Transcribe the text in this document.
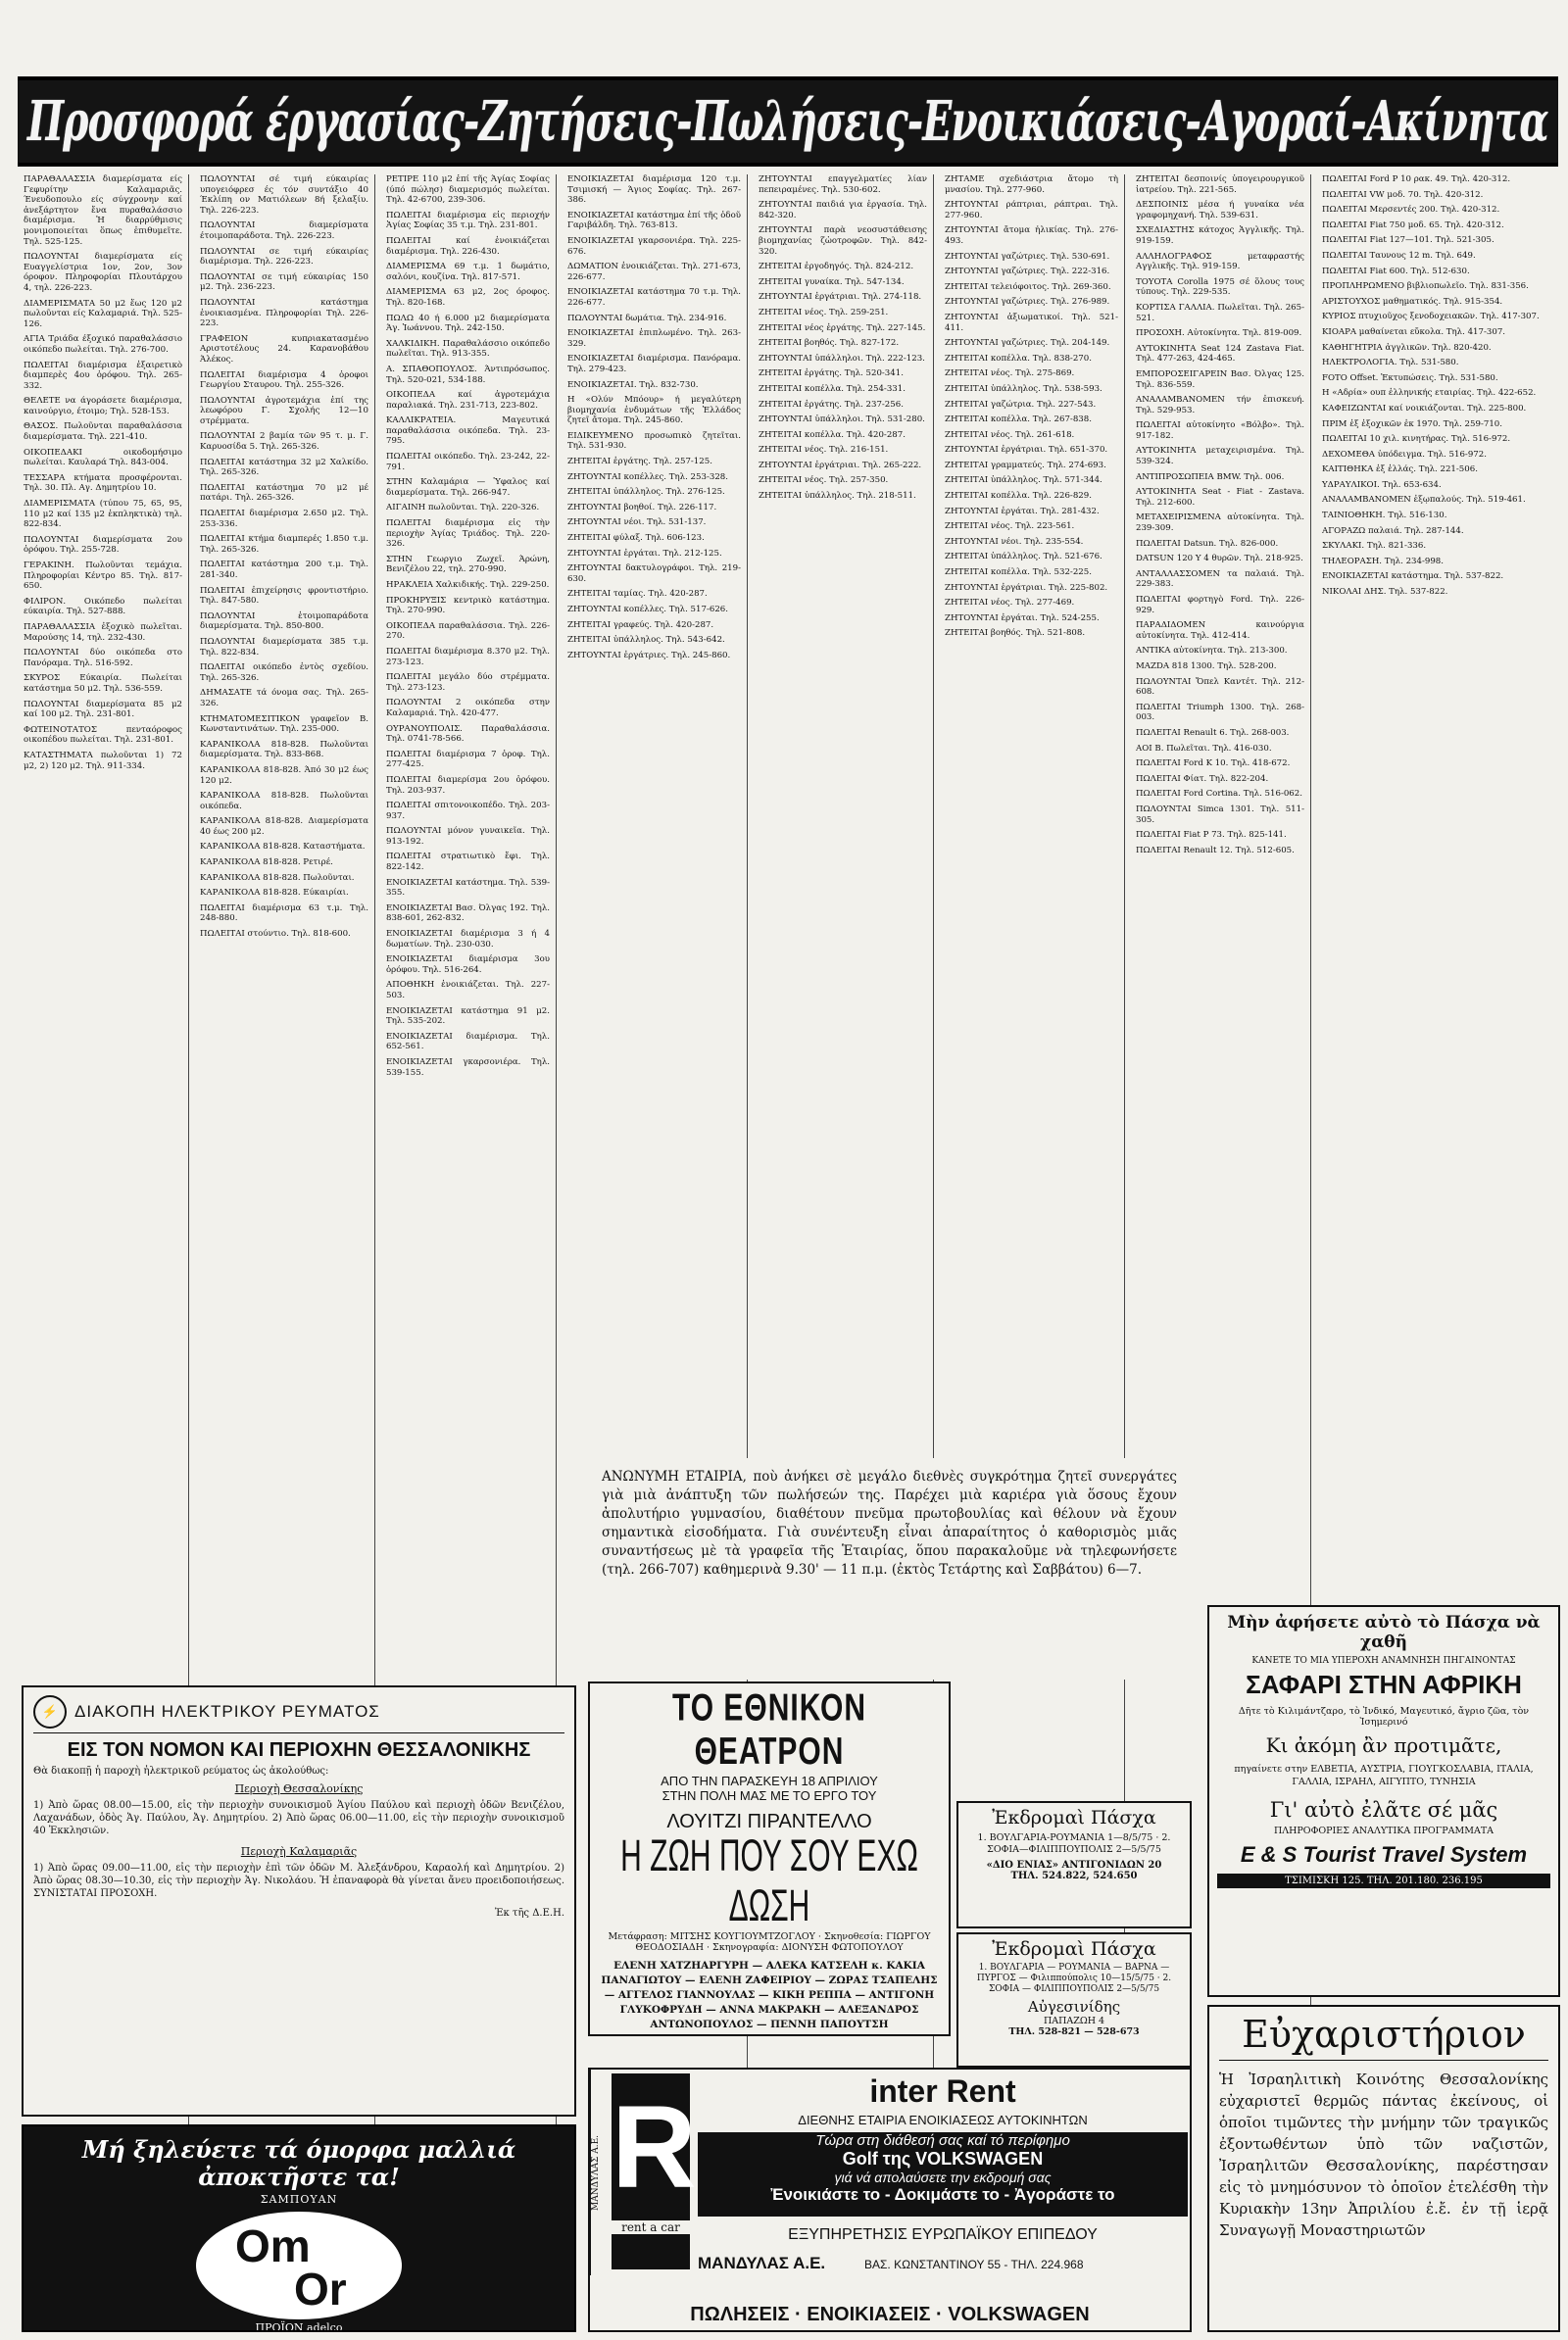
Προσφορά έργασίας-Ζητήσεις-Πωλήσεις-Ενοικιάσεις-Αγοραί-Ακίνητα

ΠΑΡΑΘΑΛΑΣΣΙΑ διαμερίσματα είς Γεφυρίτην Καλαμαριᾶς. Ένευδοπουλο είς σύγχρονην καί ἀνεξάρτητον ἔνα πυραθαλάσσιο διαμέρισμα. Ἡ διαρρύθμισις μονιμοποιείται ὅπως ἐπιθυμεῖτε. Τηλ. 525-125.

ΠΩΛΟΥΝΤΑΙ διαμερίσματα είς Ευαγγελίστρια 1ον, 2ον, 3ον όροφον. Πληροφορίαι Πλουτάρχου 4, τηλ. 226-223.

ΔΙΑΜΕΡΙΣΜΑΤΑ 50 μ2 ἕως 120 μ2 πωλοῦνται είς Καλαμαριά. Τηλ. 525-126.

ΑΓΙΑ Τριάδα έξοχικό παραθαλάσσιο οικόπεδο πωλείται. Τηλ. 276-700.

ΠΩΛΕΙΤΑΙ διαμέρισμα ἐξαιρετικὸ διαμπερὲς 4ου ὀρόφου. Τηλ. 265-332.

ΘΕΛΕΤΕ να άγοράσετε διαμέρισμα, καινούργιο, έτοιμο; Τηλ. 528-153.

ΘΑΣΟΣ. Πωλοῦνται παραθαλάσσια διαμερίσματα. Τηλ. 221-410.

ΟΙΚΟΠΕΔΑΚΙ οικοδομήσιμο πωλείται. Καυλαρά Τηλ. 843-004.

ΤΕΣΣΑΡΑ κτήματα προσφέρονται. Τηλ. 30. Πλ. Αγ. Δημητρίου 10.

ΔΙΑΜΕΡΙΣΜΑΤΑ (τύπου 75, 65, 95, 110 μ2 καί 135 μ2 ἐκπληκτικὰ) τηλ. 822-834.

ΠΩΛΟΥΝΤΑΙ διαμερίσματα 2ου ὀρόφου. Τηλ. 255-728.

ΓΕΡΑΚΙΝΗ. Πωλοῦνται τεμάχια. Πληροφορίαι Κέντρο 85. Τηλ. 817-650.

ΦΙΛΙΡΟΝ. Οικόπεδο πωλείται εύκαιρία. Τηλ. 527-888.

ΠΑΡΑΘΑΛΑΣΣΙΑ ἐξοχικὸ πωλεῖται. Μαρούσης 14, τηλ. 232-430.

ΠΩΛΟΥΝΤΑΙ δύο οικόπεδα στο Πανόραμα. Τηλ. 516-592.

ΣΚΥΡΟΣ Εύκαιρία. Πωλείται κατάστημα 50 μ2. Τηλ. 536-559.

ΠΩΛΟΥΝΤΑΙ διαμερίσματα 85 μ2 καί 100 μ2. Τηλ. 231-801.

ΦΩΤΕΙΝΟΤΑΤΟΣ πενταόροφος οικοπέδου πωλείται. Τηλ. 231-801.

ΚΑΤΑΣΤΗΜΑΤΑ πωλοῦνται 1) 72 μ2, 2) 120 μ2. Τηλ. 911-334.

ΠΩΛΟΥΝΤΑΙ σέ τιμή εύκαιρίας υπογειόφρεσ ές τόν συντάξιο 40 Έκλίπη ον Ματιόλεων 8ή ξελαξίυ. Τηλ. 226-223.

ΠΩΛΟΥΝΤΑΙ διαμερίσματα έτοιμοπαράδοτα. Τηλ. 226-223.

ΠΩΛΟΥΝΤΑΙ σε τιμή εύκαιρίας διαμέρισμα. Τηλ. 226-223.

ΠΩΛΟΥΝΤΑΙ σε τιμή εύκαιρίας 150 μ2. Τηλ. 236-223.

ΠΩΛΟΥΝΤΑΙ κατάστημα ἐνοικιασμένα. Πληροφορίαι Τηλ. 226-223.

ΓΡΑΦΕΙΟΝ κυπριακατασμένο Αριστοτέλους 24. Καρανοβάθου Άλέκος.

ΠΩΛΕΙΤΑΙ διαμέρισμα 4 ὀροφοι Γεωργίου Σταυρου. Τηλ. 255-326.

ΠΩΛΟΥΝΤΑΙ ἀγροτεμάχια ἐπί της λεωφόρου Γ. Σχολής 12—10 στρέμματα.

ΠΩΛΟΥΝΤΑΙ 2 βαμία τῶν 95 τ. μ. Γ. Καρυοσίδα 5. Τηλ. 265-326.

ΠΩΛΕΙΤΑΙ κατάστημα 32 μ2 Χαλκίδο. Τηλ. 265-326.

ΠΩΛΕΙΤΑΙ κατάστημα 70 μ2 μέ πατάρι. Τηλ. 265-326.

ΠΩΛΕΙΤΑΙ διαμέρισμα 2.650 μ2. Τηλ. 253-336.

ΠΩΛΕΙΤΑΙ κτήμα διαμπερές 1.850 τ.μ. Τηλ. 265-326.

ΠΩΛΕΙΤΑΙ κατάστημα 200 τ.μ. Τηλ. 281-340.

ΠΩΛΕΙΤΑΙ ἐπιχείρησις φροντιστήριο. Τηλ. 847-580.

ΠΩΛΟΥΝΤΑΙ ἑτοιμοπαράδοτα διαμερίσματα. Τηλ. 850-800.

ΠΩΛΟΥΝΤΑΙ διαμερίσματα 385 τ.μ. Τηλ. 822-834.

ΠΩΛΕΙΤΑΙ οικόπεδο ἐντὸς σχεδίου. Τηλ. 265-326.

ΔΗΜΑΣΑΤΕ τά όνομα σας. Τηλ. 265-326.

ΚΤΗΜΑΤΟΜΕΣΙΤΙΚΟΝ γραφεῖον Β. Κωνσταντινάτων. Τηλ. 235-000.

ΚΑΡΑΝΙΚΟΛΑ 818-828. Πωλοῦνται διαμερίσματα. Τηλ. 833-868.

ΚΑΡΑΝΙΚΟΛΑ 818-828. Άπό 30 μ2 έως 120 μ2.

ΚΑΡΑΝΙΚΟΛΑ 818-828. Πωλοῦνται οικόπεδα.

ΚΑΡΑΝΙΚΟΛΑ 818-828. Διαμερίσματα 40 έως 200 μ2.

ΚΑΡΑΝΙΚΟΛΑ 818-828. Καταστήματα.

ΚΑΡΑΝΙΚΟΛΑ 818-828. Ρετιρέ.

ΚΑΡΑΝΙΚΟΛΑ 818-828. Πωλοῦνται.

ΚΑΡΑΝΙΚΟΛΑ 818-828. Εύκαιρίαι.

ΠΩΛΕΙΤΑΙ διαμέρισμα 63 τ.μ. Τηλ. 248-880.

ΠΩΛΕΙΤΑΙ στούντιο. Τηλ. 818-600.

ΡΕΤΙΡΕ 110 μ2 ἐπί τῆς Άγίας Σοφίας (ύπό πώλησ) διαμερισμός πωλείται. Τηλ. 42-6700, 239-306.

ΠΩΛΕΙΤΑΙ διαμέρισμα εἰς περιοχήν Ἁγίας Σοφίας 35 τ.μ. Τηλ. 231-801.

ΠΩΛΕΙΤΑΙ καί ἐνοικιάζεται διαμέρισμα. Τηλ. 226-430.

ΔΙΑΜΕΡΙΣΜΑ 69 τ.μ. 1 δωμάτιο, σαλόνι, κουζίνα. Τηλ. 817-571.

ΔΙΑΜΕΡΙΣΜΑ 63 μ2, 2ος όροφος. Τηλ. 820-168.

ΠΩΛΩ 40 ή 6.000 μ2 διαμερίσματα Άγ. Ἰωάννου. Τηλ. 242-150.

ΧΑΛΚΙΔΙΚΗ. Παραθαλάσσιο οικόπεδο πωλεῖται. Τηλ. 913-355.

Α. ΣΠΑΘΟΠΟΥΛΟΣ. Άντιπρόσωπος. Τηλ. 520-021, 534-188.

ΟΙΚΟΠΕΔΑ καί ἀγροτεμάχια παραλιακά. Τηλ. 231-713, 223-802.

ΚΑΛΛΙΚΡΑΤΕΙΑ. Μαγευτικά παραθαλάσσια οικόπεδα. Τηλ. 23-795.

ΠΩΛΕΙΤΑΙ οικόπεδο. Τηλ. 23-242, 22-791.

ΣΤΗΝ Καλαμάρια — Ὑφαλος καί διαμερίσματα. Τηλ. 266-947.

ΑΙΓΑΙΝΗ πωλοῦνται. Τηλ. 220-326.

ΠΩΛΕΙΤΑΙ διαμέρισμα εἰς τὴν περιοχὴν Ἁγίας Τριάδος. Τηλ. 220-326.

ΣΤΗΝ Γεωργιο Ζωχεῖ. Άρώνη, Βενιζέλου 22, τηλ. 270-990.

ΗΡΑΚΛΕΙΑ Χαλκιδικής. Τηλ. 229-250.

ΠΡΟΚΗΡΥΞΙΣ κεντρικὸ κατάστημα. Τηλ. 270-990.

ΟΙΚΟΠΕΔΑ παραθαλάσσια. Τηλ. 226-270.

ΠΩΛΕΙΤΑΙ διαμέρισμα 8.370 μ2. Τηλ. 273-123.

ΠΩΛΕΙΤΑΙ μεγάλο δύο στρέμματα. Τηλ. 273-123.

ΠΩΛΟΥΝΤΑΙ 2 οικόπεδα στην Καλαμαριά. Τηλ. 420-477.

ΟΥΡΑΝΟΥΠΟΛΙΣ. Παραθαλάσσια. Τηλ. 0741-78-566.

ΠΩΛΕΙΤΑΙ διαμέρισμα 7 ὀροφ. Τηλ. 277-425.

ΠΩΛΕΙΤΑΙ διαμερίσμα 2ου ὀρόφου. Τηλ. 203-937.

ΠΩΛΕΙΤΑΙ σπιτονοικοπέδο. Τηλ. 203-937.

ΠΩΛΟΥΝΤΑΙ μόνον γυναικεῖα. Τηλ. 913-192.

ΠΩΛΕΙΤΑΙ στρατιωτικὸ ἔφι. Τηλ. 822-142.

ΕΝΟΙΚΙΑΖΕΤΑΙ κατάστημα. Τηλ. 539-355.

ΕΝΟΙΚΙΑΖΕΤΑΙ Βασ. Όλγας 192. Τηλ. 838-601, 262-832.

ΕΝΟΙΚΙΑΖΕΤΑΙ διαμέρισμα 3 ή 4 δωματίων. Τηλ. 230-030.

ΕΝΟΙΚΙΑΖΕΤΑΙ διαμέρισμα 3ου ὀρόφου. Τηλ. 516-264.

ΑΠΟΘΗΚΗ ἐνοικιάζεται. Τηλ. 227-503.

ΕΝΟΙΚΙΑΖΕΤΑΙ κατάστημα 91 μ2. Τηλ. 535-202.

ΕΝΟΙΚΙΑΖΕΤΑΙ διαμέρισμα. Τηλ. 652-561.

ΕΝΟΙΚΙΑΖΕΤΑΙ γκαρσονιέρα. Τηλ. 539-155.

ΕΝΟΙΚΙΑΖΕΤΑΙ διαμέρισμα 120 τ.μ. Τσιμισκή — Άγιος Σοφίας. Τηλ. 267-386.

ΕΝΟΙΚΙΑΖΕΤΑΙ κατάστημα ἐπί τῆς ὁδοῦ Γαριβάλδη. Τηλ. 763-813.

ΕΝΟΙΚΙΑΖΕΤΑΙ γκαρσονιέρα. Τηλ. 225-676.

ΔΩΜΑΤΙΟΝ ἐνοικιάζεται. Τηλ. 271-673, 226-677.

ΕΝΟΙΚΙΑΖΕΤΑΙ κατάστημα 70 τ.μ. Τηλ. 226-677.

ΠΩΛΟΥΝΤΑΙ δωμάτια. Τηλ. 234-916.

ΕΝΟΙΚΙΑΖΕΤΑΙ ἐπιπλωμένο. Τηλ. 263-329.

ΕΝΟΙΚΙΑΖΕΤΑΙ διαμέρισμα. Πανόραμα. Τηλ. 279-423.

ΕΝΟΙΚΙΑΖΕΤΑΙ. Τηλ. 832-730.

Η «Ολύν Μπόουρ» ή μεγαλύτερη βιομηχανία ἐνδυμάτων τῆς Ἑλλάδος ζητεῖ ἄτομα. Τηλ. 245-860.

ΕΙΔΙΚΕΥΜΕΝΟ προσωπικὸ ζητεῖται. Τηλ. 531-930.

ΖΗΤΕΙΤΑΙ ἐργάτης. Τηλ. 257-125.

ΖΗΤΟΥΝΤΑΙ κοπέλλες. Τηλ. 253-328.

ΖΗΤΕΙΤΑΙ ὑπάλληλος. Τηλ. 276-125.

ΖΗΤΟΥΝΤΑΙ βοηθοί. Τηλ. 226-117.

ΖΗΤΟΥΝΤΑΙ νέοι. Τηλ. 531-137.

ΖΗΤΕΙΤΑΙ φύλαξ. Τηλ. 606-123.

ΖΗΤΟΥΝΤΑΙ ἐργάται. Τηλ. 212-125.

ΖΗΤΟΥΝΤΑΙ δακτυλογράφοι. Τηλ. 219-630.

ΖΗΤΕΙΤΑΙ ταμίας. Τηλ. 420-287.

ΖΗΤΟΥΝΤΑΙ κοπέλλες. Τηλ. 517-626.

ΖΗΤΕΙΤΑΙ γραφεύς. Τηλ. 420-287.

ΖΗΤΕΙΤΑΙ ὑπάλληλος. Τηλ. 543-642.

ΖΗΤΟΥΝΤΑΙ ἐργάτριες. Τηλ. 245-860.

ΖΗΤΟΥΝΤΑΙ επαγγελματίες λίαν πεπειραμένες. Τηλ. 530-602.

ΖΗΤΟΥΝΤΑΙ παιδιά για ἐργασία. Τηλ. 842-320.

ΖΗΤΟΥΝΤΑΙ παρὰ νεοσυστάθεισης βιομηχανίας ζὠοτροφῶν. Τηλ. 842-320.

ΖΗΤΕΙΤΑΙ ἐργοδηγός. Τηλ. 824-212.

ΖΗΤΕΙΤΑΙ γυναίκα. Τηλ. 547-134.

ΖΗΤΟΥΝΤΑΙ ἑργάτριαι. Τηλ. 274-118.

ΖΗΤΕΙΤΑΙ νέος. Τηλ. 259-251.

ΖΗΤΕΙΤΑΙ νέος ἐργάτης. Τηλ. 227-145.

ΖΗΤΕΙΤΑΙ βοηθός. Τηλ. 827-172.

ΖΗΤΟΥΝΤΑΙ ὑπάλληλοι. Τηλ. 222-123.

ΖΗΤΕΙΤΑΙ ἐργάτης. Τηλ. 520-341.

ΖΗΤΕΙΤΑΙ κοπέλλα. Τηλ. 254-331.

ΖΗΤΕΙΤΑΙ ἐργάτης. Τηλ. 237-256.

ΖΗΤΟΥΝΤΑΙ ὑπάλληλοι. Τηλ. 531-280.

ΖΗΤΕΙΤΑΙ κοπέλλα. Τηλ. 420-287.

ΖΗΤΕΙΤΑΙ νέος. Τηλ. 216-151.

ΖΗΤΟΥΝΤΑΙ ἐργάτριαι. Τηλ. 265-222.

ΖΗΤΕΙΤΑΙ νέος. Τηλ. 257-350.

ΖΗΤΕΙΤΑΙ ὑπάλληλος. Τηλ. 218-511.

ΖΗΤΑΜΕ σχεδιάστρια ἄτομο τὴ μνασίου. Τηλ. 277-960.

ΖΗΤΟΥΝΤΑΙ ράπτριαι, ράπτραι. Τηλ. 277-960.

ΖΗΤΟΥΝΤΑΙ ἄτομα ἡλικίας. Τηλ. 276-493.

ΖΗΤΟΥΝΤΑΙ γαζώτριες. Τηλ. 530-691.

ΖΗΤΟΥΝΤΑΙ γαζώτριες. Τηλ. 222-316.

ΖΗΤΕΙΤΑΙ τελειόφοιτος. Τηλ. 269-360.

ΖΗΤΟΥΝΤΑΙ γαζώτριες. Τηλ. 276-989.

ΖΗΤΟΥΝΤΑΙ ἀξιωματικοί. Τηλ. 521-411.

ΖΗΤΟΥΝΤΑΙ γαζώτριες. Τηλ. 204-149.

ΖΗΤΕΙΤΑΙ κοπέλλα. Τηλ. 838-270.

ΖΗΤΕΙΤΑΙ νέος. Τηλ. 275-869.

ΖΗΤΕΙΤΑΙ ὑπάλληλος. Τηλ. 538-593.

ΖΗΤΕΙΤΑΙ γαζώτρια. Τηλ. 227-543.

ΖΗΤΕΙΤΑΙ κοπέλλα. Τηλ. 267-838.

ΖΗΤΕΙΤΑΙ νέος. Τηλ. 261-618.

ΖΗΤΟΥΝΤΑΙ ἐργάτριαι. Τηλ. 651-370.

ΖΗΤΕΙΤΑΙ γραμματεύς. Τηλ. 274-693.

ΖΗΤΕΙΤΑΙ ὑπάλληλος. Τηλ. 571-344.

ΖΗΤΕΙΤΑΙ κοπέλλα. Τηλ. 226-829.

ΖΗΤΟΥΝΤΑΙ ἐργάται. Τηλ. 281-432.

ΖΗΤΕΙΤΑΙ νέος. Τηλ. 223-561.

ΖΗΤΟΥΝΤΑΙ νέοι. Τηλ. 235-554.

ΖΗΤΕΙΤΑΙ ὑπάλληλος. Τηλ. 521-676.

ΖΗΤΕΙΤΑΙ κοπέλλα. Τηλ. 532-225.

ΖΗΤΟΥΝΤΑΙ ἐργάτριαι. Τηλ. 225-802.

ΖΗΤΕΙΤΑΙ νέος. Τηλ. 277-469.

ΖΗΤΟΥΝΤΑΙ ἐργάται. Τηλ. 524-255.

ΖΗΤΕΙΤΑΙ βοηθός. Τηλ. 521-808.

ΖΗΤΕΙΤΑΙ δεσποινίς ὑπογειρουργικοῦ ἰατρείου. Τηλ. 221-565.

ΔΕΣΠΟΙΝΙΣ μέσα ή γυναίκα νέα γραφομηχανή. Τηλ. 539-631.

ΣΧΕΔΙΑΣΤΗΣ κάτοχος Ἀγγλικῆς. Τηλ. 919-159.

ΑΛΛΗΛΟΓΡΑΦΟΣ μεταφραστής Αγγλικῆς. Τηλ. 919-159.

ΤΟΥΟΤΑ Corolla 1975 σέ ὅλους τους τύπους. Τηλ. 229-535.

ΚΟΡΤΙΣΑ ΓΑΛΛΙΑ. Πωλεῖται. Τηλ. 265-521.

ΠΡΟΣΟΧΗ. Αὐτοκίνητα. Τηλ. 819-009.

ΑΥΤΟΚΙΝΗΤΑ Seat 124 Zastava Fiat. Τηλ. 477-263, 424-465.

ΕΜΠΟΡΟΣΕΙΓΑΡΕΙΝ Βασ. Όλγας 125. Τηλ. 836-559.

ΑΝΑΛΑΜΒΑΝΟΜΕΝ τήν ἐπισκευή. Τηλ. 529-953.

ΠΩΛΕΙΤΑΙ αὐτοκίνητο «Βόλβο». Τηλ. 917-182.

ΑΥΤΟΚΙΝΗΤΑ μεταχειρισμένα. Τηλ. 539-324.

ΑΝΤΙΠΡΟΣΩΠΕΙΑ BMW. Τηλ. 006.

ΑΥΤΟΚΙΝΗΤΑ Seat - Fiat - Zastava. Τηλ. 212-600.

ΜΕΤΑΧΕΙΡΙΣΜΕΝΑ αὐτοκίνητα. Τηλ. 239-309.

ΠΩΛΕΙΤΑΙ Datsun. Τηλ. 826-000.

DATSUN 120 Y 4 θυρῶν. Τηλ. 218-925.

ΑΝΤΑΛΛΑΣΣΟΜΕΝ τα παλαιά. Τηλ. 229-383.

ΠΩΛΕΙΤΑΙ φορτηγὸ Ford. Τηλ. 226-929.

ΠΑΡΑΔΙΔΟΜΕΝ καινούργια αὐτοκίνητα. Τηλ. 412-414.

ΑΝΤΙΚΑ αὐτοκίνητα. Τηλ. 213-300.

MAZDA 818 1300. Τηλ. 528-200.

ΠΩΛΟΥΝΤΑΙ Ὄπελ Καντέτ. Τηλ. 212-608.

ΠΩΛΕΙΤΑΙ Triumph 1300. Τηλ. 268-003.

ΠΩΛΕΙΤΑΙ Renault 6. Τηλ. 268-003.

ΑΟΙ Β. Πωλεῖται. Τηλ. 416-030.

ΠΩΛΕΙΤΑΙ Ford Κ 10. Τηλ. 418-672.

ΠΩΛΕΙΤΑΙ Φίατ. Τηλ. 822-204.

ΠΩΛΕΙΤΑΙ Ford Cortina. Τηλ. 516-062.

ΠΩΛΟΥΝΤΑΙ Simca 1301. Τηλ. 511-305.

ΠΩΛΕΙΤΑΙ Fiat Ρ 73. Τηλ. 825-141.

ΠΩΛΕΙΤΑΙ Renault 12. Τηλ. 512-605.

ΠΩΛΕΙΤΑΙ Ford Ρ 10 ρακ. 49. Τηλ. 420-312.

ΠΩΛΕΙΤΑΙ VW μοδ. 70. Τηλ. 420-312.

ΠΩΛΕΙΤΑΙ Μερσεντές 200. Τηλ. 420-312.

ΠΩΛΕΙΤΑΙ Fiat 750 μοδ. 65. Τηλ. 420-312.

ΠΩΛΕΙΤΑΙ Fiat 127—101. Τηλ. 521-305.

ΠΩΛΕΙΤΑΙ Ταυνους 12 m. Τηλ. 649.

ΠΩΛΕΙΤΑΙ Fiat 600. Τηλ. 512-630.

ΠΡΟΠΛΗΡΩΜΕΝΟ βιβλιοπωλεῖο. Τηλ. 831-356.

ΑΡΙΣΤΟΥΧΟΣ μαθηματικός. Τηλ. 915-354.

ΚΥΡΙΟΣ πτυχιοῦχος ξενοδοχειακῶν. Τηλ. 417-307.

ΚΙΟΑΡΑ μαθαίνεται εὔκολα. Τηλ. 417-307.

ΚΑΘΗΓΗΤΡΙΑ ἀγγλικῶν. Τηλ. 820-420.

ΗΛΕΚΤΡΟΛΟΓΙΑ. Τηλ. 531-580.

FOTO Offset. Ἐκτυπώσεις. Τηλ. 531-580.

Η «Αδρία» ουπ ἐλληνικής εταιρίας. Τηλ. 422-652.

ΚΑΦΕΙΖΩΝΤΑΙ καί νοικιάζονται. Τηλ. 225-800.

ΠΡΙΜ ἐξ ἐξοχικῶν ἐκ 1970. Τηλ. 259-710.

ΠΩΛΕΙΤΑΙ 10 χιλ. κινητήρας. Τηλ. 516-972.

ΔΕΧΟΜΕΘΑ ὑπόδειγμα. Τηλ. 516-972.

ΚΑΙΤΙΘΗΚΑ ἐξ ἐλλάς. Τηλ. 221-506.

ΥΔΡΑΥΛΙΚΟΙ. Τηλ. 653-634.

ΑΝΑΛΑΜΒΑΝΟΜΕΝ ἐξῳπαλούς. Τηλ. 519-461.

ΤΑΙΝΙΟΘΗΚΗ. Τηλ. 516-130.

ΑΓΟΡΑΖΩ παλαιά. Τηλ. 287-144.

ΣΚΥΛΑΚΙ. Τηλ. 821-336.

ΤΗΛΕΟΡΑΣΗ. Τηλ. 234-998.

ΕΝΟΙΚΙΑΖΕΤΑΙ κατάστημα. Τηλ. 537-822.

ΝΙΚΟΛΑΙ ΔΗΣ. Τηλ. 537-822.

⚡ ΔΙΑΚΟΠΗ ΗΛΕΚΤΡΙΚΟΥ ΡΕΥΜΑΤΟΣ
ΕΙΣ ΤΟΝ ΝΟΜΟΝ ΚΑΙ ΠΕΡΙΟΧΗΝ ΘΕΣΣΑΛΟΝΙΚΗΣ
Θὰ διακοπῇ ἡ παροχὴ ἠλεκτρικοῦ ρεύματος ὡς ἀκολούθως:
Περιοχὴ Θεσσαλονίκης
1) Ἀπὸ ὥρας 08.00—15.00, εἰς τὴν περιοχὴν συνοικισμοῦ Ἁγίου Παύλου καὶ περιοχὴ ὁδῶν Βενιζέλου, Λαχανάδων, ὁδὸς Ἁγ. Παύλου, Ἀγ. Δημητρίου. 2) Ἀπὸ ὥρας 06.00—11.00, εἰς τὴν περιοχὴν συνοικισμοῦ 40 Ἐκκλησιῶν.
Περιοχὴ Καλαμαριᾶς
1) Ἀπὸ ὥρας 09.00—11.00, εἰς τὴν περιοχὴν ἐπὶ τῶν ὁδῶν Μ. Ἀλεξάνδρου, Καραολή καὶ Δημητρίου. 2) Ἀπὸ ὥρας 08.30—10.30, εἰς τὴν περιοχὴν Ἁγ. Νικολάου. Ἡ ἐπαναφορὰ θὰ γίνεται ἄνευ προειδοποιήσεως. ΣΥΝΙΣΤΑΤΑΙ ΠΡΟΣΟΧΗ.
Ἐκ τῆς Δ.Ε.Η.
Μή ξηλεύετε τά όμορφα μαλλιά ἀποκτῆστε τα!
ΣΑΜΠΟΥΑΝ
Om
Or
ΠΡΟΪΟΝ adelco
ΑΝΩΝΥΜΗ ΕΤΑΙΡΙΑ, ποὺ ἀνήκει σὲ μεγάλο διεθνὲς συγκρότημα ζητεῖ συνεργάτες γιὰ μιὰ ἀνάπτυξη τῶν πωλήσεών της. Παρέχει μιὰ καριέρα γιὰ ὅσους ἔχουν ἀπολυτήριο γυμνασίου, διαθέτουν πνεῦμα πρωτοβουλίας καὶ θέλουν νὰ ἔχουν σημαντικὰ εἰσοδήματα. Γιὰ συνέντευξη εἶναι ἀπαραίτητος ὁ καθορισμὸς μιᾶς συναντήσεως μὲ τὰ γραφεῖα τῆς Ἑταιρίας, ὅπου παρακαλοῦμε νὰ τηλεφωνήσετε (τηλ. 266-707) καθημερινὰ 9.30' — 11 π.μ. (ἐκτὸς Τετάρτης καὶ Σαββάτου) 6—7.
ΤΟ ΕΘΝΙΚΟΝ ΘΕΑΤΡΟΝ
ΑΠΟ ΤΗΝ ΠΑΡΑΣΚΕΥΗ 18 ΑΠΡΙΛΙΟΥ
ΣΤΗΝ ΠΟΛΗ ΜΑΣ ΜΕ ΤΟ ΕΡΓΟ ΤΟΥ
ΛΟΥΙΤΖΙ ΠΙΡΑΝΤΕΛΛΟ
Η ΖΩΗ ΠΟΥ ΣΟΥ ΕΧΩ ΔΩΣΗ
Μετάφραση: ΜΙΤΣΗΣ ΚΟΥΓΙΟΥΜΤΖΟΓΛΟΥ · Σκηνοθεσία: ΓΙΩΡΓΟΥ ΘΕΟΔΟΣΙΑΔΗ · Σκηνογραφία: ΔΙΟΝΥΣΗ ΦΩΤΟΠΟΥΛΟΥ
ΕΛΕΝΗ ΧΑΤΖΗΑΡΓΥΡΗ — ΑΛΕΚΑ ΚΑΤΣΕΛΗ κ. ΚΑΚΙΑ ΠΑΝΑΓΙΩΤΟΥ — ΕΛΕΝΗ ΖΑΦΕΙΡΙΟΥ — ΖΩΡΑΣ ΤΣΑΠΕΛΗΣ — ΑΓΓΕΛΟΣ ΓΙΑΝΝΟΥΛΑΣ — ΚΙΚΗ ΡΕΠΠΑ — ΑΝΤΙΓΟΝΗ ΓΛΥΚΟΦΡΥΔΗ — ΑΝΝΑ ΜΑΚΡΑΚΗ — ΑΛΕΞΑΝΔΡΟΣ ΑΝΤΩΝΟΠΟΥΛΟΣ — ΠΕΝΝΗ ΠΑΠΟΥΤΣΗ
Ἐκδρομαὶ Πάσχα
1. ΒΟΥΛΓΑΡΙΑ-ΡΟΥΜΑΝΙΑ 1—8/5/75 · 2. ΣΟΦΙΑ—ΦΙΛΙΠΠΟΥΠΟΛΙΣ 2—5/5/75
«ΔΙΟ ΕΝΙΑΣ» ΑΝΤΙΓΟΝΙΔΩΝ 20
ΤΗΛ. 524.822, 524.650
Ἐκδρομαὶ Πάσχα
1. ΒΟΥΛΓΑΡΙΑ — ΡΟΥΜΑΝΙΑ — ΒΑΡΝΑ — ΠΥΡΓΟΣ — Φιλιππούπολις 10—15/5/75 · 2. ΣΟΦΙΑ — ΦΙΛΙΠΠΟΥΠΟΛΙΣ 2—5/5/75
Αὐγεσινίδης
ΠΑΠΑΖΩΗ 4
ΤΗΛ. 528-821 — 528-673
ΜΑΝΔΥΛΑΣ Α.Ε. R
rent a car
inter Rent
ΔΙΕΘΝΗΣ ΕΤΑΙΡΙΑ ΕΝΟΙΚΙΑΣΕΩΣ ΑΥΤΟΚΙΝΗΤΩΝ
Τώρα στη διάθεσή σας καί τό περίφημο
Golf της VOLKSWAGEN
γιά νά απολαύσετε την εκδρομή σας
Ἐνοικιάστε το - Δοκιμάστε το - Ἀγοράστε το
ΕΞΥΠΗΡΕΤΗΣΙΣ ΕΥΡΩΠΑΪΚΟΥ ΕΠΙΠΕΔΟΥ
ΜΑΝΔΥΛΑΣ Α.Ε.	ΒΑΣ. ΚΩΝΣΤΑΝΤΙΝΟΥ 55 - ΤΗΛ. 224.968
ΠΩΛΗΣΕΙΣ · ΕΝΟΙΚΙΑΣΕΙΣ · VOLKSWAGEN
Μὴν ἀφήσετε αὐτὸ τὸ Πάσχα νὰ χαθῆ
ΚΑΝΕΤΕ ΤΟ ΜΙΑ ΥΠΕΡΟΧΗ ΑΝΑΜΝΗΣΗ ΠΗΓΑΙΝΟΝΤΑΣ
ΣΑΦΑΡΙ ΣΤΗΝ ΑΦΡΙΚΗ
Δῆτε τὸ Κιλιμάντζαρο, τὸ Ἰνδικό, Μαγευτικό, ἄγριο ζῶα, τὸν Ἰσημερινό
Κι ἀκόμη ἂν προτιμᾶτε,
πηγαίνετε στην ΕΛΒΕΤΙΑ, ΑΥΣΤΡΙΑ, ΓΙΟΥΓΚΟΣΛΑΒΙΑ, ΙΤΑΛΙΑ, ΓΑΛΛΙΑ, ΙΣΡΑΗΛ, ΑΙΓΥΠΤΟ, ΤΥΝΗΣΙΑ
Γι' αὐτὸ ἐλᾶτε σέ μᾶς
ΠΛΗΡΟΦΟΡΙΕΣ ΑΝΑΛΥΤΙΚΑ ΠΡΟΓΡΑΜΜΑΤΑ
E & S Tourist Travel System
ΤΣΙΜΙΣΚΗ 125. ΤΗΛ. 201.180. 236.195
Εὐχαριστήριον
Ἡ Ἰσραηλιτικὴ Κοινότης Θεσσαλονίκης εὐχαριστεῖ θερμῶς πάντας ἐκείνους, οἱ ὁποῖοι τιμῶντες τὴν μνήμην τῶν τραγικῶς ἐξοντωθέντων ὑπὸ τῶν ναζιστῶν, Ἰσραηλιτῶν Θεσσαλονίκης, παρέστησαν εἰς τὸ μνημόσυνον τὸ ὁποῖον ἐτελέσθη τὴν Κυριακὴν 13ην Ἀπριλίου ἐ.ἔ. ἐν τῇ ἱερᾷ Συναγωγῇ Μοναστηριωτῶν
